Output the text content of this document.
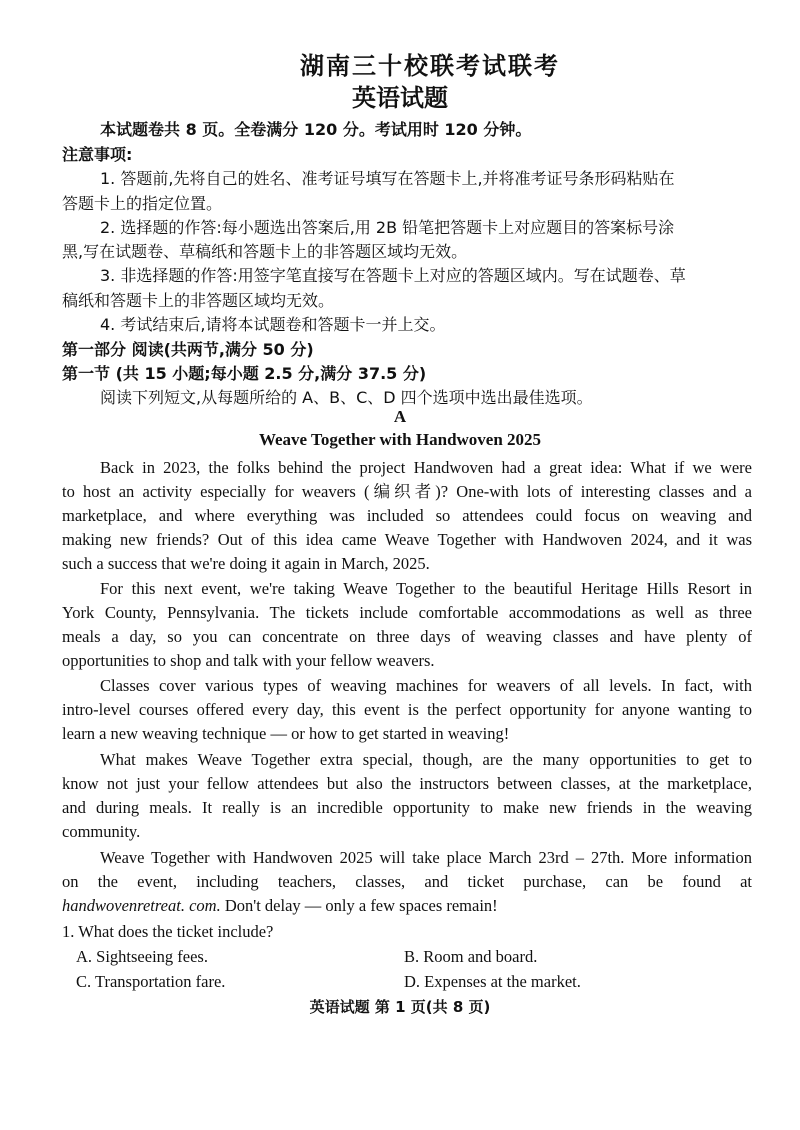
湖南三十校联考试联考
英语试题
本试题卷共 8 页。全卷满分 120 分。考试用时 120 分钟。
注意事项:
1. 答题前,先将自己的姓名、准考证号填写在答题卡上,并将准考证号条形码粘贴在
答题卡上的指定位置。
2. 选择题的作答:每小题选出答案后,用 2B 铅笔把答题卡上对应题目的答案标号涂
黑,写在试题卷、草稿纸和答题卡上的非答题区域均无效。
3. 非选择题的作答:用签字笔直接写在答题卡上对应的答题区域内。写在试题卷、草
稿纸和答题卡上的非答题区域均无效。
4. 考试结束后,请将本试题卷和答题卡一并上交。
第一部分 阅读(共两节,满分 50 分)
第一节 (共 15 小题;每小题 2.5 分,满分 37.5 分)
阅读下列短文,从每题所给的 A、B、C、D 四个选项中选出最佳选项。
A
Weave Together with Handwoven 2025
Back in 2023, the folks behind the project Handwoven had a great idea: What if we were
to host an activity especially for weavers (编织者)? One-with lots of interesting classes and a
marketplace, and where everything was included so attendees could focus on weaving and
making new friends? Out of this idea came Weave Together with Handwoven 2024, and it was
such a success that we're doing it again in March, 2025.
For this next event, we're taking Weave Together to the beautiful Heritage Hills Resort in
York County, Pennsylvania. The tickets include comfortable accommodations as well as three
meals a day, so you can concentrate on three days of weaving classes and have plenty of
opportunities to shop and talk with your fellow weavers.
Classes cover various types of weaving machines for weavers of all levels. In fact, with
intro-level courses offered every day, this event is the perfect opportunity for anyone wanting to
learn a new weaving technique — or how to get started in weaving!
What makes Weave Together extra special, though, are the many opportunities to get to
know not just your fellow attendees but also the instructors between classes, at the marketplace,
and during meals. It really is an incredible opportunity to make new friends in the weaving
community.
Weave Together with Handwoven 2025 will take place March 23rd – 27th. More information
on the event, including teachers, classes, and ticket purchase, can be found at
handwovenretreat. com. Don't delay — only a few spaces remain!
1. What does the ticket include?
A. Sightseeing fees.	B. Room and board.
C. Transportation fare.	D. Expenses at the market.
英语试题 第 1 页(共 8 页)
